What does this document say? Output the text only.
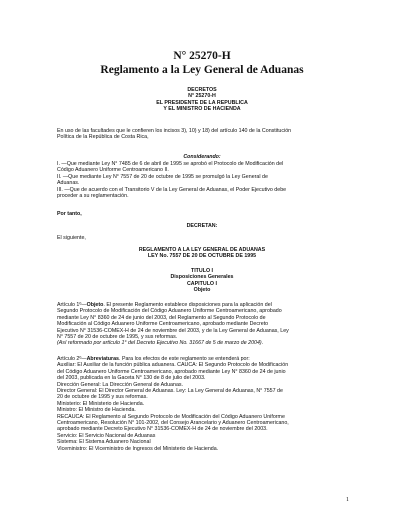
N° 25270-H
Reglamento a la Ley General de Aduanas
DECRETOS
N° 25270-H
EL PRESIDENTE DE LA REPUBLICA
Y EL MINISTRO DE HACIENDA
En uso de las facultades que le confieren los incisos 3), 10) y 18) del artículo 140 de la Constitución
Política de la República de Costa Rica,
Considerando:
I. —Que mediante Ley N° 7485 de 6 de abril de 1995 se aprobó el Protocolo de Modificación del
Código Aduanero Uniforme Centroamericano II.
II. —Que mediante Ley N° 7557 de 20 de octubre de 1995 se promulgó la Ley General de
Aduanas.
III. —Que de acuerdo con el Transitorio V de la Ley General de Aduanas, el Poder Ejecutivo debe
proceder a su reglamentación.
Por tanto,
DECRETAN:
El siguiente,
REGLAMENTO A LA LEY GENERAL DE ADUANAS
LEY No. 7557 DE 20 DE OCTUBRE DE 1995
TITULO I
Disposiciones Generales
CAPITULO I
Objeto
Artículo 1º—Objeto. El presente Reglamento establece disposiciones para la aplicación del
Segundo Protocolo de Modificación del Código Aduanero Uniforme Centroamericano, aprobado
mediante Ley N° 8360 de 24 de junio del 2003, del Reglamento al Segundo Protocolo de
Modificación al Código Aduanero Uniforme Centroamericano, aprobado mediante Decreto
Ejecutivo N° 31536-COMEX-H de 24 de noviembre del 2003, y de la Ley General de Aduanas, Ley
N° 7557 de 20 de octubre de 1995, y sus reformas.
(Así reformado por artículo 1° del Decreto Ejecutivo No. 31667 de 5 de marzo de 2004).
Artículo 2º—Abreviaturas. Para los efectos de este reglamento se entenderá por:
Auxiliar: El Auxiliar de la función pública aduanera. CAUCA: El Segundo Protocolo de Modificación
del Código Aduanero Uniforme Centroamericano, aprobado mediante Ley N° 8360 de 24 de junio
del 2003, publicada en la Gaceta N° 130 de 8 de julio del 2003.
Dirección General: La Dirección General de Aduanas.
Director General: El Director General de Aduanas. Ley: La Ley General de Aduanas, N° 7557 de
20 de octubre de 1995 y sus reformas.
Ministerio: El Ministerio de Hacienda.
Ministro: El Ministro de Hacienda.
RECAUCA: El Reglamento al Segundo Protocolo de Modificación del Código Aduanero Uniforme
Centroamericano, Resolución N° 101-2002, del Consejo Arancelario y Aduanero Centroamericano,
aprobado mediante Decreto Ejecutivo N° 31536-COMEX-H de 24 de noviembre del 2003.
Servicio: El Servicio Nacional de Aduanas
Sistema: El Sistema Aduanero Nacional
Viceministro: El Viceministro de Ingresos del Ministerio de Hacienda.
1
